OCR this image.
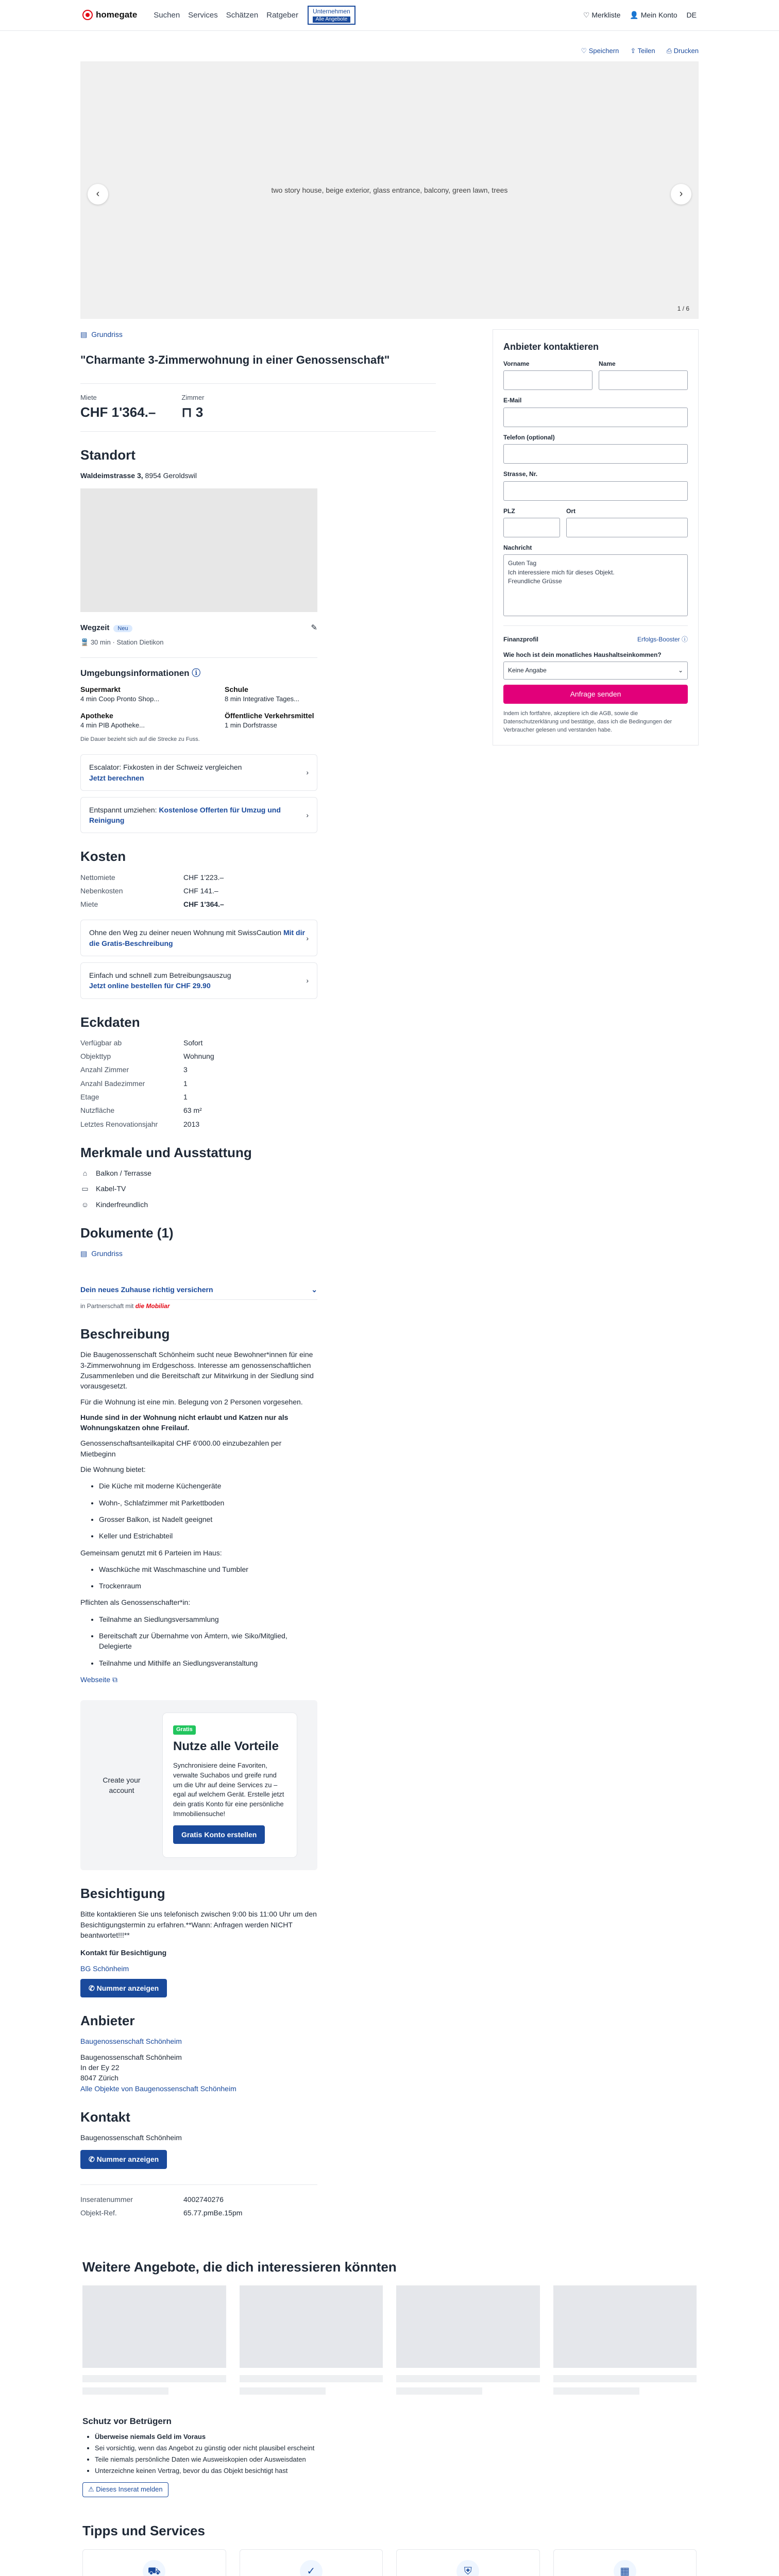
homegate Suchen Services Schätzen Ratgeber	Unternehmen
Alle Angebote	♡ Merkliste 👤 Mein Konto DE
♡ Speichern ⇪ Teilen ⎙ Drucken
two story house, beige exterior, glass entrance, balcony, green lawn, trees
‹	›
1 / 6
▤ Grundriss
"Charmante 3-Zimmerwohnung in einer Genossenschaft"
Miete
CHF 1'364.–
Zimmer
⊓ 3
Standort
Waldeimstrasse 3, 8954 Geroldswil
Wegzeit Neu	✎
🚆 30 min · Station Dietikon
Umgebungsinformationen ⓘ
Supermarkt
4 min Coop Pronto Shop...
Schule
8 min Integrative Tages...
Apotheke
4 min PIB Apotheke...
Öffentliche Verkehrsmittel
1 min Dorfstrasse
Die Dauer bezieht sich auf die Strecke zu Fuss.
Escalator: Fixkosten in der Schweiz vergleichen
Jetzt berechnen
›
Entspannt umziehen: Kostenlose Offerten für Umzug und Reinigung
›
Kosten
Nettomiete	CHF 1'223.–
Nebenkosten	CHF 141.–
Miete	CHF 1'364.–
Ohne den Weg zu deiner neuen Wohnung mit SwissCaution Mit dir die Gratis-Beschreibung
›
Einfach und schnell zum Betreibungsauszug
Jetzt online bestellen für CHF 29.90
›
Eckdaten
Verfügbar ab	Sofort
Objekttyp	Wohnung
Anzahl Zimmer	3
Anzahl Badezimmer	1
Etage	1
Nutzfläche	63 m²
Letztes Renovationsjahr	2013
Merkmale und Ausstattung
⌂	Balkon / Terrasse
▭ Kabel-TV
☺ Kinderfreundlich
Dokumente (1)
▤ Grundriss
Dein neues Zuhause richtig versichern	⌄
in Partnerschaft mit die Mobiliar
Beschreibung

Die Baugenossenschaft Schönheim sucht neue Bewohner*innen für eine 3-Zimmerwohnung im Erdgeschoss. Interesse am genossenschaftlichen Zusammenleben und die Bereitschaft zur Mitwirkung in der Siedlung sind vorausgesetzt.

Für die Wohnung ist eine min. Belegung von 2 Personen vorgesehen.

Hunde sind in der Wohnung nicht erlaubt und Katzen nur als Wohnungskatzen ohne Freilauf.

Genossenschaftsanteilkapital CHF 6'000.00 einzubezahlen per Mietbeginn

Die Wohnung bietet:

• Die Küche mit moderne Küchengeräte
• Wohn-, Schlafzimmer mit Parkettboden
• Grosser Balkon, ist Nadelt geeignet
• Keller und Estrichabteil

Gemeinsam genutzt mit 6 Parteien im Haus:

• Waschküche mit Waschmaschine und Tumbler
• Trockenraum

Pflichten als Genossenschafter*in:

• Teilnahme an Siedlungsversammlung
• Bereitschaft zur Übernahme von Ämtern, wie Siko/Mitglied, Delegierte
• Teilnahme und Mithilfe an Siedlungsveranstaltung

Webseite ⧉

Create your account
Gratis
Nutze alle Vorteile

Synchronisiere deine Favoriten, verwalte Suchabos und greife rund um die Uhr auf deine Services zu – egal auf welchem Gerät. Erstelle jetzt dein gratis Konto für eine persönliche Immobiliensuche!

Gratis Konto erstellen
Besichtigung

Bitte kontaktieren Sie uns telefonisch zwischen 9:00 bis 11:00 Uhr um den Besichtigungstermin zu erfahren.**Wann: Anfragen werden NICHT beantwortet!!!**

Kontakt für Besichtigung

BG Schönheim

✆ Nummer anzeigen
Anbieter
Baugenossenschaft Schönheim
Baugenossenschaft Schönheim
In der Ey 22
8047 Zürich
Alle Objekte von Baugenossenschaft Schönheim
Kontakt

Baugenossenschaft Schönheim

✆ Nummer anzeigen
Inseratenummer	4002740276
Objekt-Ref.	65.77.pmBe.15pm
Anbieter kontaktieren
Vorname	Name
E-Mail
Telefon (optional)
Strasse, Nr.
PLZ	Ort
Nachricht
Guten Tag
Ich interessiere mich für dieses Objekt.
Freundliche Grüsse
Finanzprofil	Erfolgs-Booster ⓘ
Wie hoch ist dein monatliches Haushaltseinkommen?
Keine Angabe	⌄
Anfrage senden
Indem ich fortfahre, akzeptiere ich die AGB, sowie die Datenschutzerklärung und bestätige, dass ich die Bedingungen der Verbraucher gelesen und verstanden habe.
Weitere Angebote, die dich interessieren könnten
Schutz vor Betrügern
• Überweise niemals Geld im Voraus
• Sei vorsichtig, wenn das Angebot zu günstig oder nicht plausibel erscheint
• Teile niemals persönliche Daten wie Ausweiskopien oder Ausweisdaten
• Unterzeichne keinen Vertrag, bevor du das Objekt besichtigt hast
⚠ Dieses Inserat melden
Tipps und Services
⛟	✓	⛨	▦
